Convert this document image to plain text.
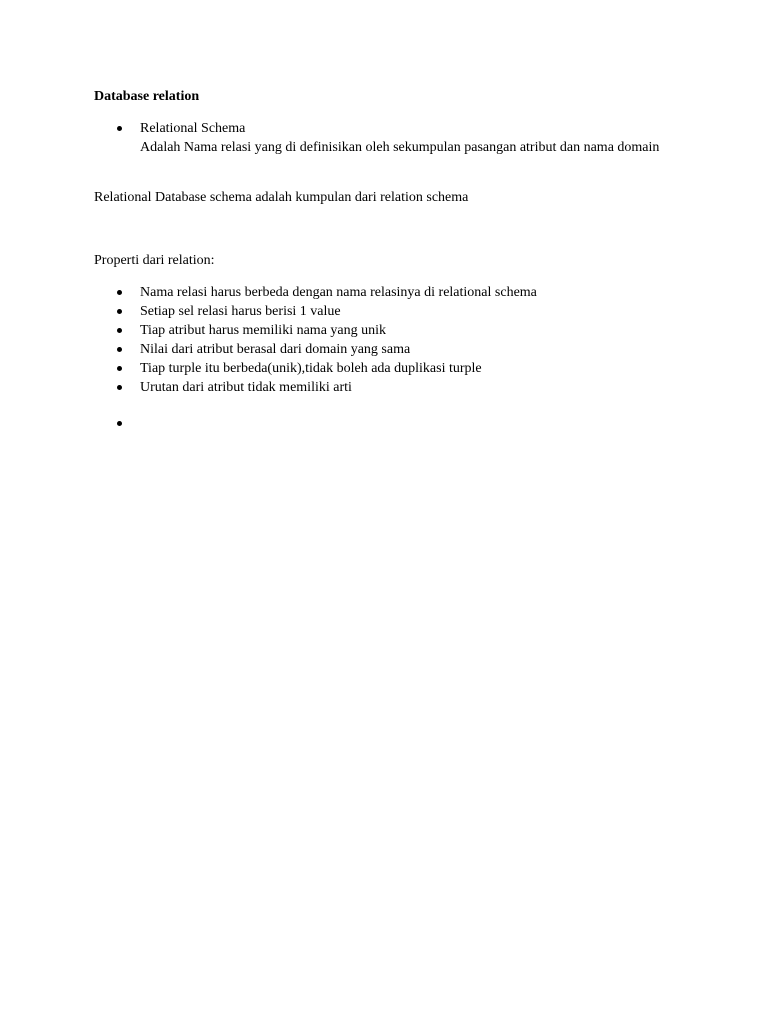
Database relation
Relational Schema
Adalah Nama relasi yang di definisikan oleh sekumpulan pasangan atribut dan nama domain
Relational Database schema adalah kumpulan dari relation schema
Properti dari relation:
Nama relasi harus berbeda dengan nama relasinya di relational schema
Setiap sel relasi harus berisi 1 value
Tiap atribut harus memiliki nama yang unik
Nilai dari atribut berasal dari domain yang sama
Tiap turple itu berbeda(unik),tidak boleh ada duplikasi turple
Urutan dari atribut tidak memiliki arti
